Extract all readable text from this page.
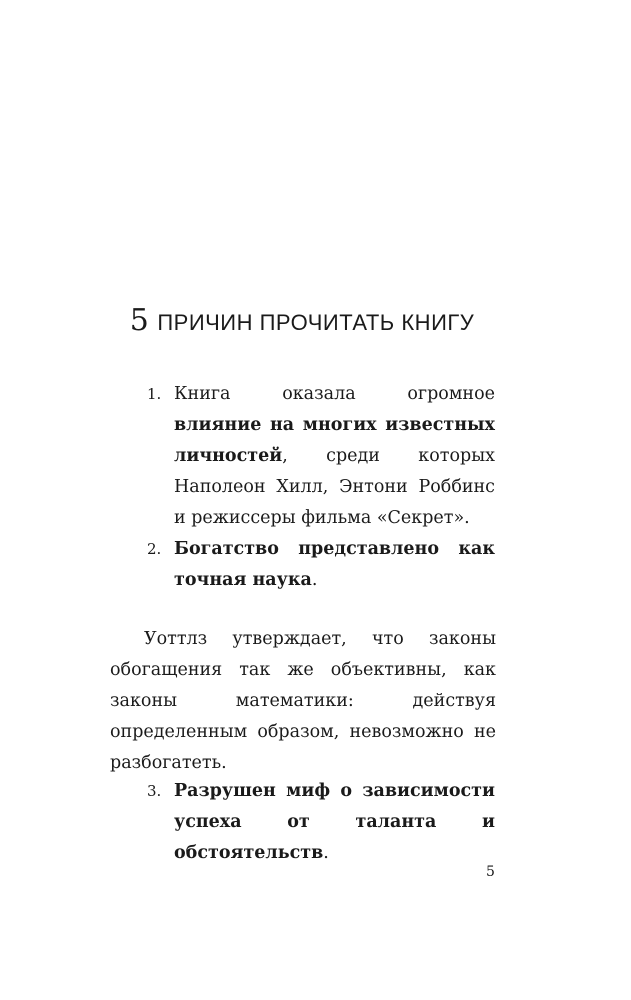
5 ПРИЧИН ПРОЧИТАТЬ КНИГУ
1. Книга оказала огромное влияние на многих известных личностей, среди которых Наполеон Хилл, Энтони Роббинс и режиссеры фильма «Секрет».
2. Богатство представлено как точная наука.
Уоттлз утверждает, что законы обогащения так же объективны, как законы математики: действуя определенным образом, невозможно не разбогатеть.
3. Разрушен миф о зависимости успеха от таланта и обстоятельств.
5
